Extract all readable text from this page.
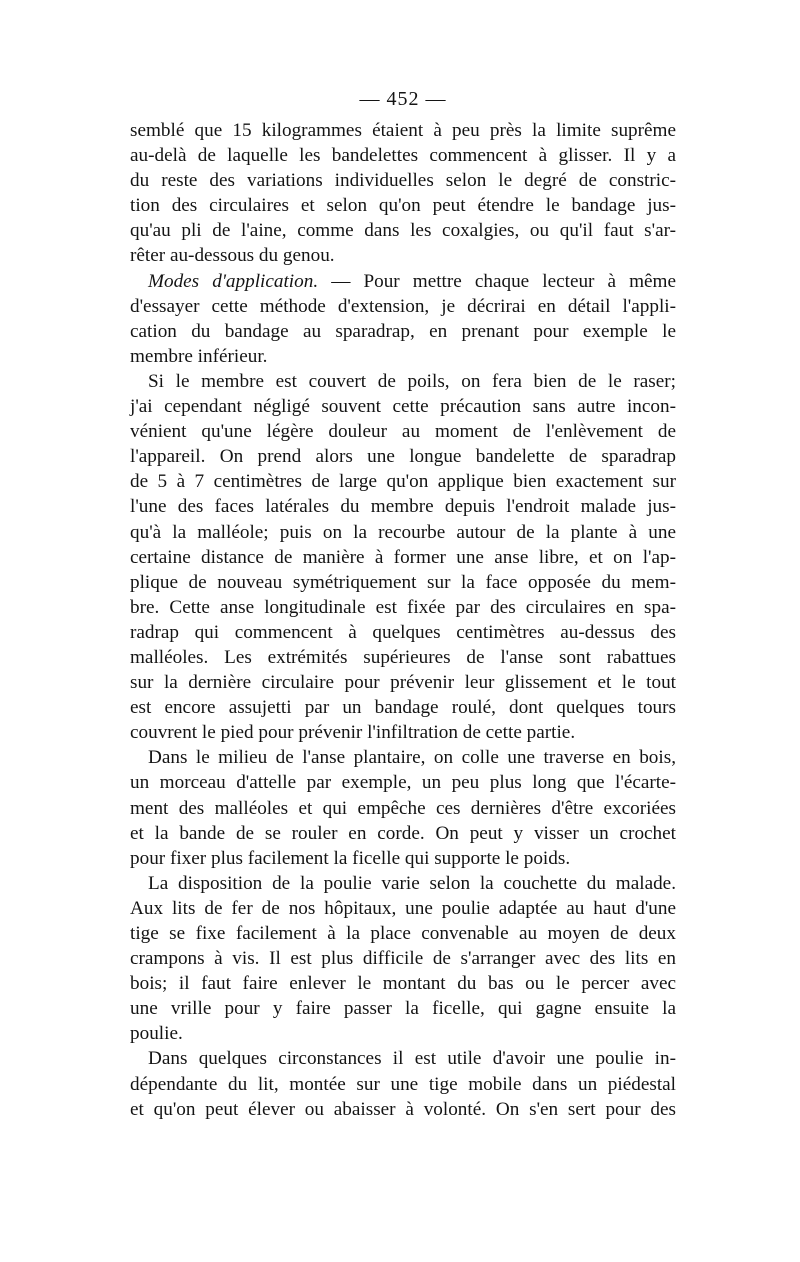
— 452 —
semblé que 15 kilogrammes étaient à peu près la limite suprême
au-delà de laquelle les bandelettes commencent à glisser. Il y a
du reste des variations individuelles selon le degré de constric-
tion des circulaires et selon qu'on peut étendre le bandage jus-
qu'au pli de l'aine, comme dans les coxalgies, ou qu'il faut s'ar-
rêter au-dessous du genou.
Modes d'application. — Pour mettre chaque lecteur à même
d'essayer cette méthode d'extension, je décrirai en détail l'appli-
cation du bandage au sparadrap, en prenant pour exemple le
membre inférieur.
Si le membre est couvert de poils, on fera bien de le raser;
j'ai cependant négligé souvent cette précaution sans autre incon-
vénient qu'une légère douleur au moment de l'enlèvement de
l'appareil. On prend alors une longue bandelette de sparadrap
de 5 à 7 centimètres de large qu'on applique bien exactement sur
l'une des faces latérales du membre depuis l'endroit malade jus-
qu'à la malléole; puis on la recourbe autour de la plante à une
certaine distance de manière à former une anse libre, et on l'ap-
plique de nouveau symétriquement sur la face opposée du mem-
bre. Cette anse longitudinale est fixée par des circulaires en spa-
radrap qui commencent à quelques centimètres au-dessus des
malléoles. Les extrémités supérieures de l'anse sont rabattues
sur la dernière circulaire pour prévenir leur glissement et le tout
est encore assujetti par un bandage roulé, dont quelques tours
couvrent le pied pour prévenir l'infiltration de cette partie.
Dans le milieu de l'anse plantaire, on colle une traverse en bois,
un morceau d'attelle par exemple, un peu plus long que l'écarte-
ment des malléoles et qui empêche ces dernières d'être excoriées
et la bande de se rouler en corde. On peut y visser un crochet
pour fixer plus facilement la ficelle qui supporte le poids.
La disposition de la poulie varie selon la couchette du malade.
Aux lits de fer de nos hôpitaux, une poulie adaptée au haut d'une
tige se fixe facilement à la place convenable au moyen de deux
crampons à vis. Il est plus difficile de s'arranger avec des lits en
bois; il faut faire enlever le montant du bas ou le percer avec
une vrille pour y faire passer la ficelle, qui gagne ensuite la
poulie.
Dans quelques circonstances il est utile d'avoir une poulie in-
dépendante du lit, montée sur une tige mobile dans un piédestal
et qu'on peut élever ou abaisser à volonté. On s'en sert pour des
